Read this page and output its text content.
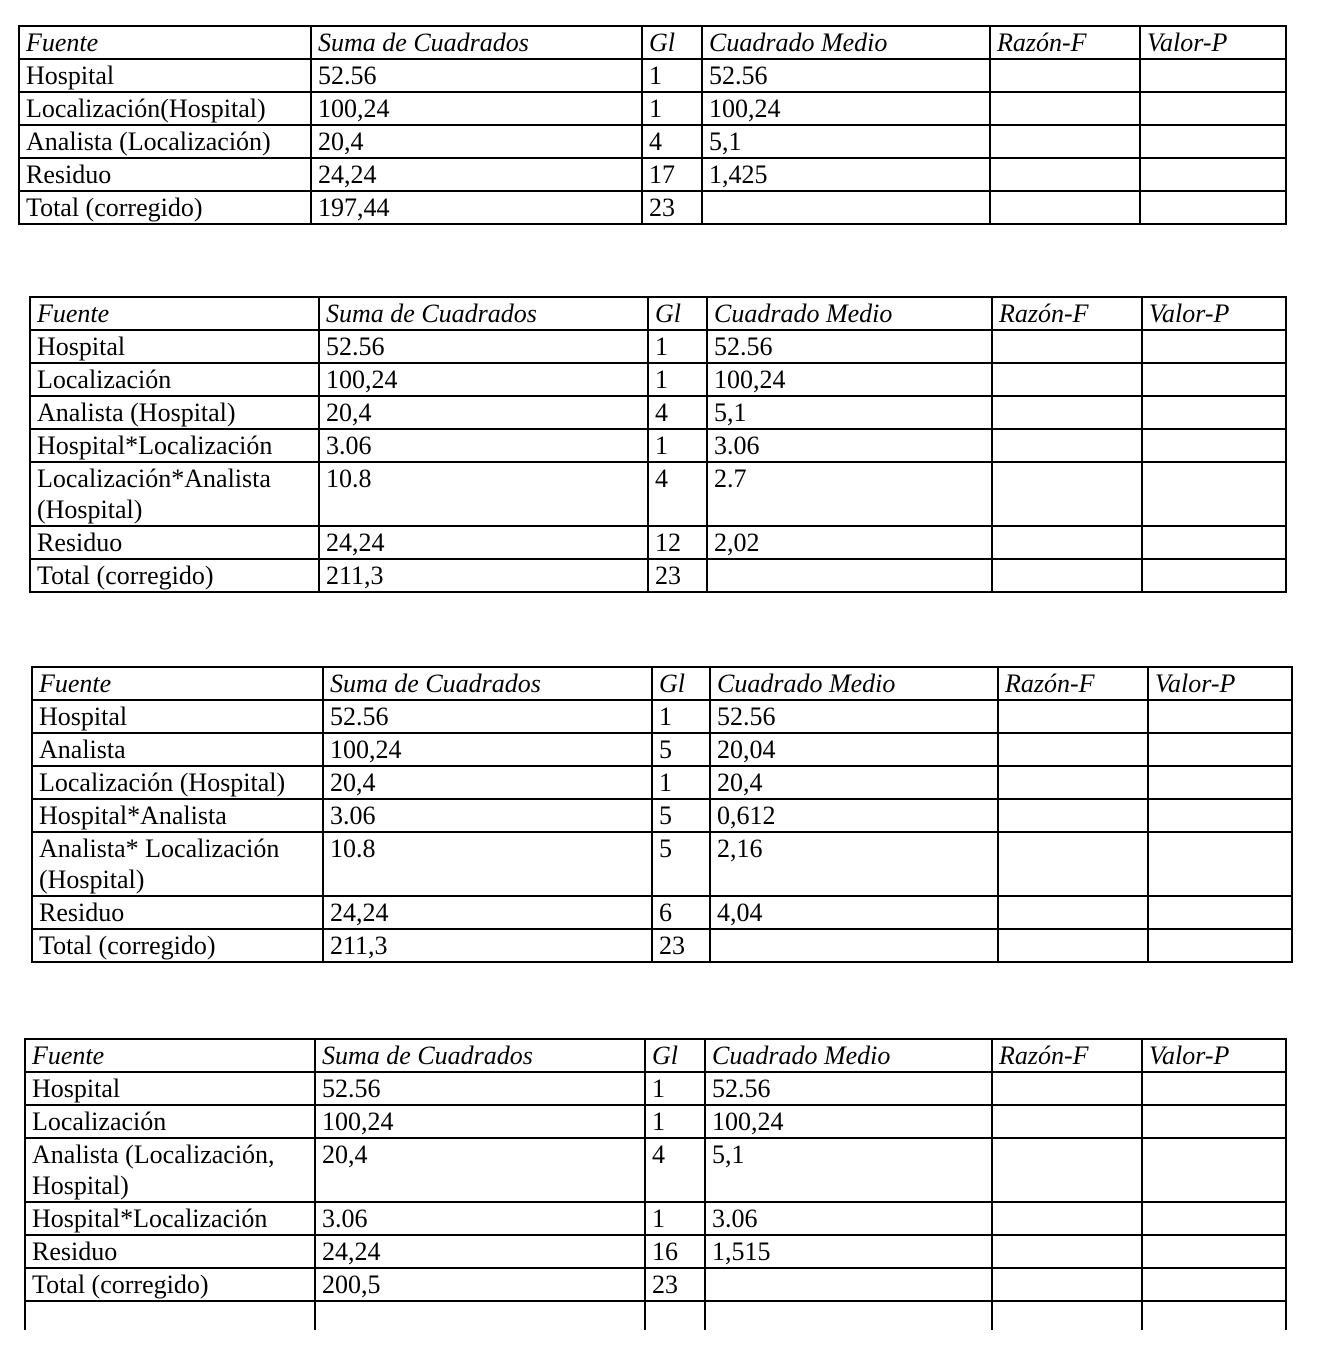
Fuente	Suma de Cuadrados	Gl	Cuadrado Medio	Razón-F	Valor-P
Hospital	52.56	1	52.56		
Localización(Hospital)	100,24	1	100,24		
Analista (Localización)	20,4	4	5,1		
Residuo	24,24	17	1,425		
Total (corregido)	197,44	23			
Fuente	Suma de Cuadrados	Gl	Cuadrado Medio	Razón-F	Valor-P
Hospital	52.56	1	52.56		
Localización	100,24	1	100,24		
Analista (Hospital)	20,4	4	5,1		
Hospital*Localización	3.06	1	3.06		
Localización*Analista
(Hospital)	10.8	4	2.7		
Residuo	24,24	12	2,02		
Total (corregido)	211,3	23			
Fuente	Suma de Cuadrados	Gl	Cuadrado Medio	Razón-F	Valor-P
Hospital	52.56	1	52.56		
Analista	100,24	5	20,04		
Localización (Hospital)	20,4	1	20,4		
Hospital*Analista	3.06	5	0,612		
Analista* Localización
(Hospital)	10.8	5	2,16		
Residuo	24,24	6	4,04		
Total (corregido)	211,3	23			
Fuente	Suma de Cuadrados	Gl	Cuadrado Medio	Razón-F	Valor-P
Hospital	52.56	1	52.56		
Localización	100,24	1	100,24		
Analista (Localización,
Hospital)	20,4	4	5,1		
Hospital*Localización	3.06	1	3.06		
Residuo	24,24	16	1,515		
Total (corregido)	200,5	23			
